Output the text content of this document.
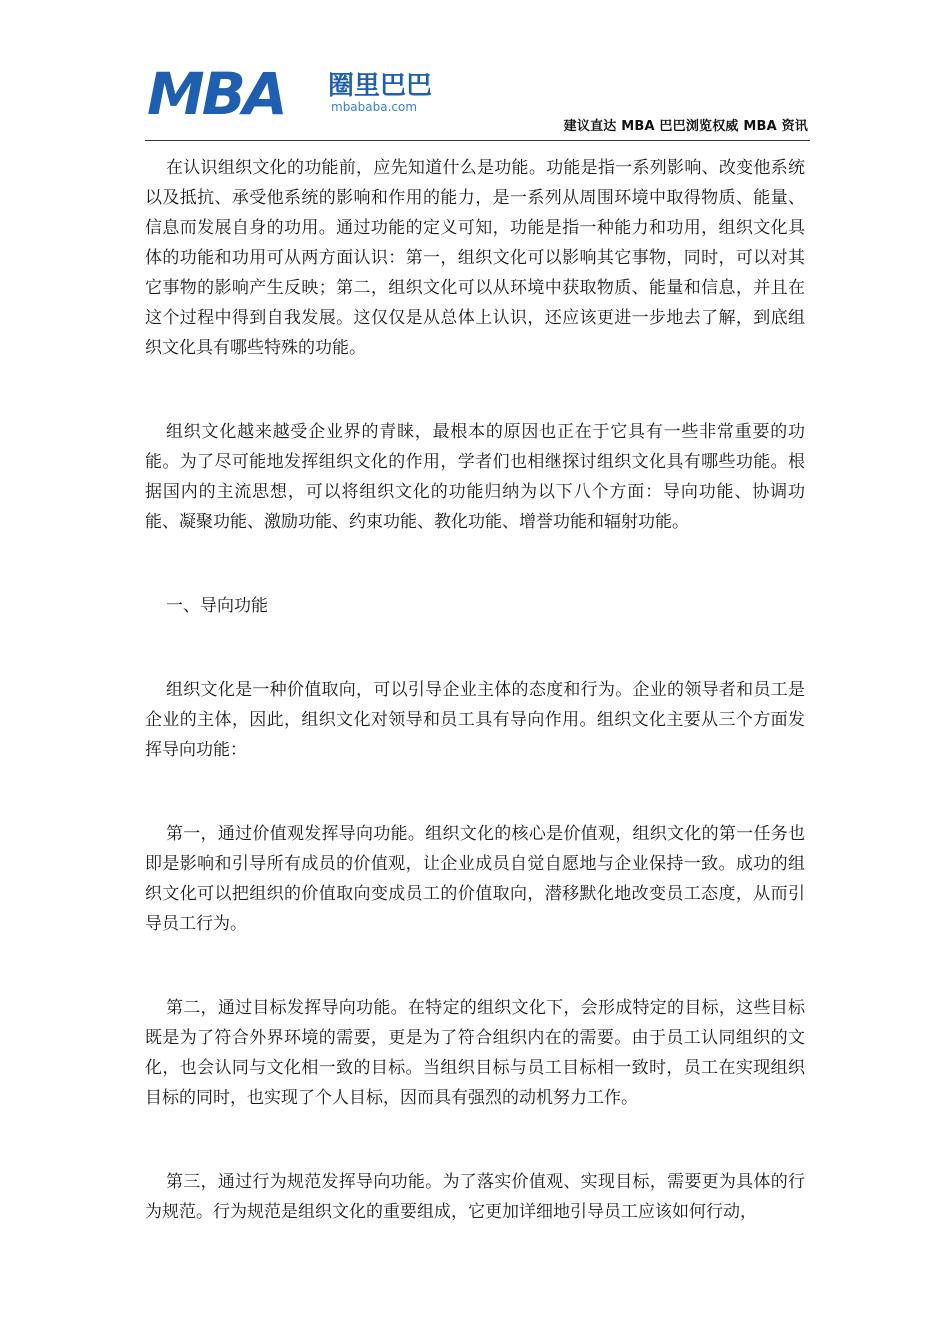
MBA 圈里巴巴
mbababa.com
建议直达 MBA 巴巴浏览权威 MBA 资讯

在认识组织文化的功能前，应先知道什么是功能。功能是指一系列影响、改变他系统以及抵抗、承受他系统的影响和作用的能力，是一系列从周围环境中取得物质、能量、信息而发展自身的功用。通过功能的定义可知，功能是指一种能力和功用，组织文化具体的功能和功用可从两方面认识：第一，组织文化可以影响其它事物，同时，可以对其它事物的影响产生反映；第二，组织文化可以从环境中获取物质、能量和信息，并且在这个过程中得到自我发展。这仅仅是从总体上认识，还应该更进一步地去了解，到底组织文化具有哪些特殊的功能。

组织文化越来越受企业界的青睐，最根本的原因也正在于它具有一些非常重要的功能。为了尽可能地发挥组织文化的作用，学者们也相继探讨组织文化具有哪些功能。根据国内的主流思想，可以将组织文化的功能归纳为以下八个方面：导向功能、协调功能、凝聚功能、激励功能、约束功能、教化功能、增誉功能和辐射功能。

一、导向功能

组织文化是一种价值取向，可以引导企业主体的态度和行为。企业的领导者和员工是企业的主体，因此，组织文化对领导和员工具有导向作用。组织文化主要从三个方面发挥导向功能：

第一，通过价值观发挥导向功能。组织文化的核心是价值观，组织文化的第一任务也即是影响和引导所有成员的价值观，让企业成员自觉自愿地与企业保持一致。成功的组织文化可以把组织的价值取向变成员工的价值取向，潜移默化地改变员工态度，从而引导员工行为。

第二，通过目标发挥导向功能。在特定的组织文化下，会形成特定的目标，这些目标既是为了符合外界环境的需要，更是为了符合组织内在的需要。由于员工认同组织的文化，也会认同与文化相一致的目标。当组织目标与员工目标相一致时，员工在实现组织目标的同时，也实现了个人目标，因而具有强烈的动机努力工作。

第三，通过行为规范发挥导向功能。为了落实价值观、实现目标，需要更为具体的行为规范。行为规范是组织文化的重要组成，它更加详细地引导员工应该如何行动，
